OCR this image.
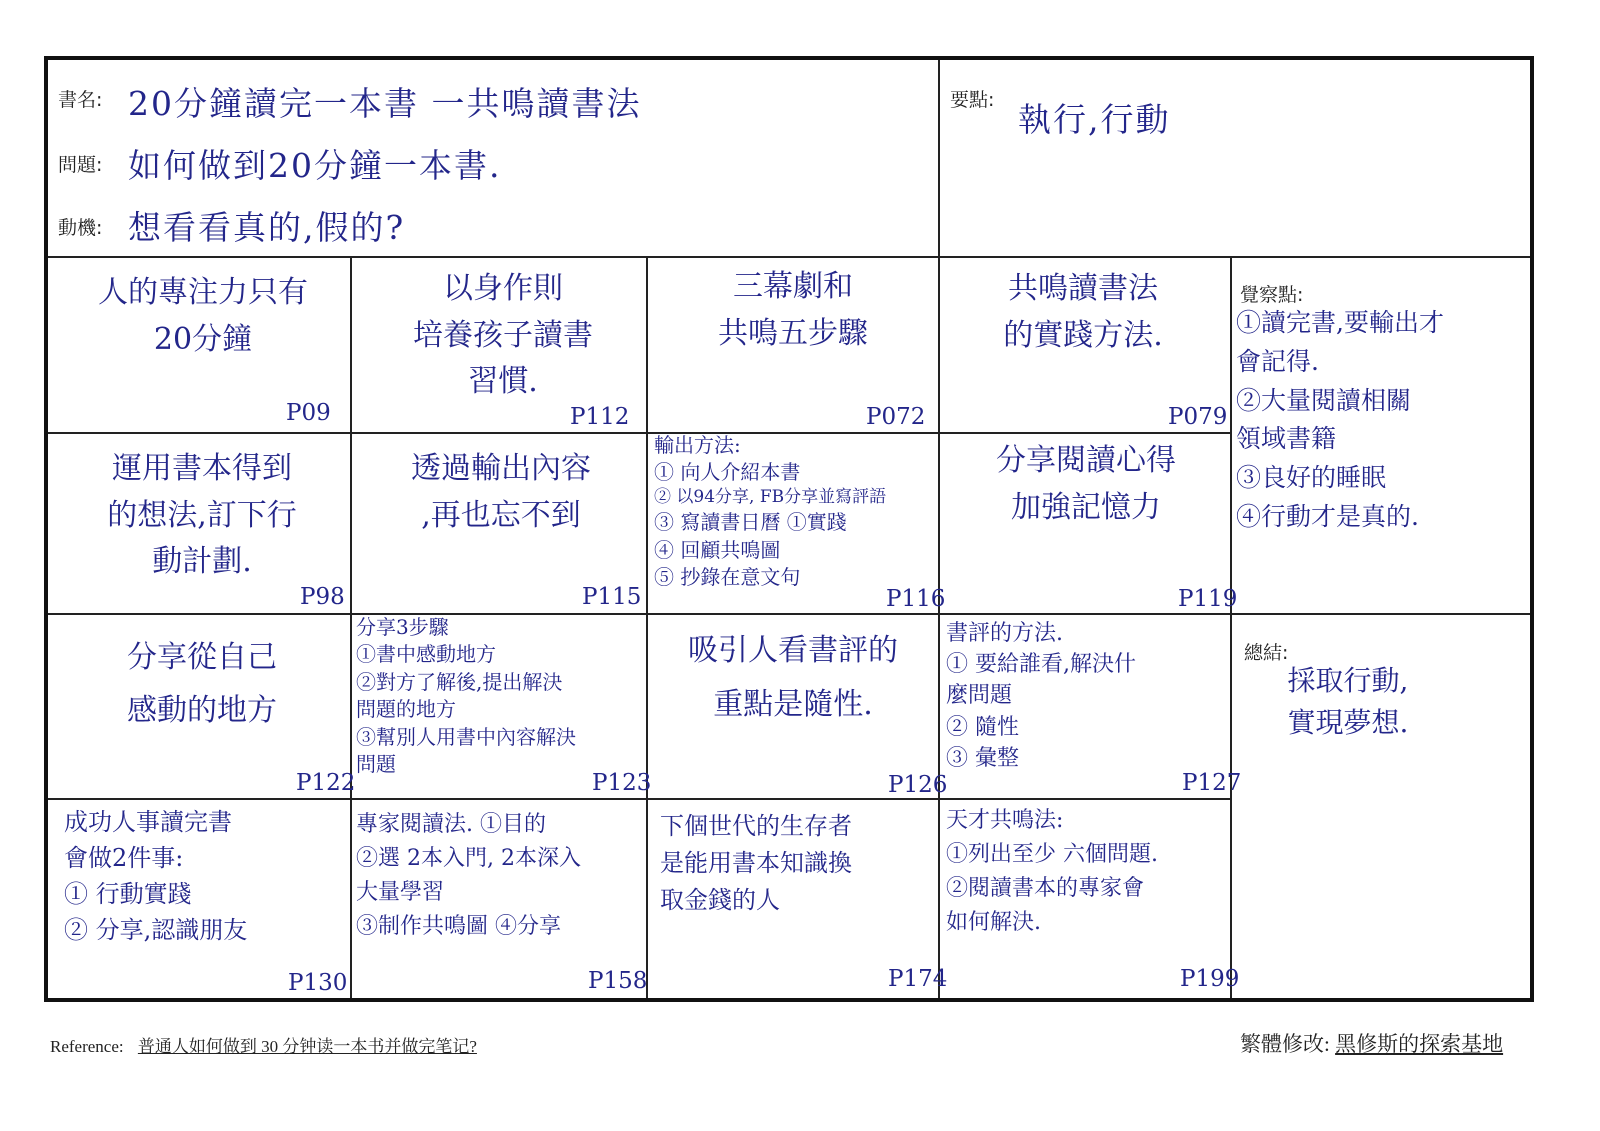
書名: 20分鐘讀完一本書 一共鳴讀書法
問題: 如何做到20分鐘一本書.
動機: 想看看真的,假的?
要點: 執行,行動
人的專注力只有
20分鐘
P09
以身作則
培養孩子讀書
習慣.
P112
三幕劇和
共鳴五步驟
P072
共鳴讀書法
的實踐方法.
P079
運用書本得到
的想法,訂下行
動計劃.
P98
透過輸出內容
,再也忘不到
P115
輸出方法:
① 向人介紹本書
② 以94分享, FB分享並寫評語
③ 寫讀書日曆 ①實踐
④ 回顧共鳴圖
⑤ 抄錄在意文句
P116
分享閱讀心得
加強記憶力
P119
分享從自己
感動的地方
P122
分享3步驟
①書中感動地方
②對方了解後,提出解決
問題的地方
③幫別人用書中內容解決
問題
P123
吸引人看書評的
重點是隨性.
P126
書評的方法.
① 要給誰看,解決什
麼問題
② 隨性
③ 彙整
P127
成功人事讀完書
會做2件事:
① 行動實踐
② 分享,認識朋友
P130
專家閱讀法. ①目的
②選 2本入門, 2本深入
大量學習
③制作共鳴圖 ④分享
P158
下個世代的生存者
是能用書本知識換
取金錢的人
P174
天才共鳴法:
①列出至少 六個問題.
②閱讀書本的專家會
如何解決.
P199
覺察點:
①讀完書,要輸出才
會記得.
②大量閱讀相關
領域書籍
③良好的睡眠
④行動才是真的.
總結:
採取行動,
實現夢想.
Reference: 普通人如何做到 30 分钟读一本书并做完笔记?	繁體修改: 黑修斯的探索基地
